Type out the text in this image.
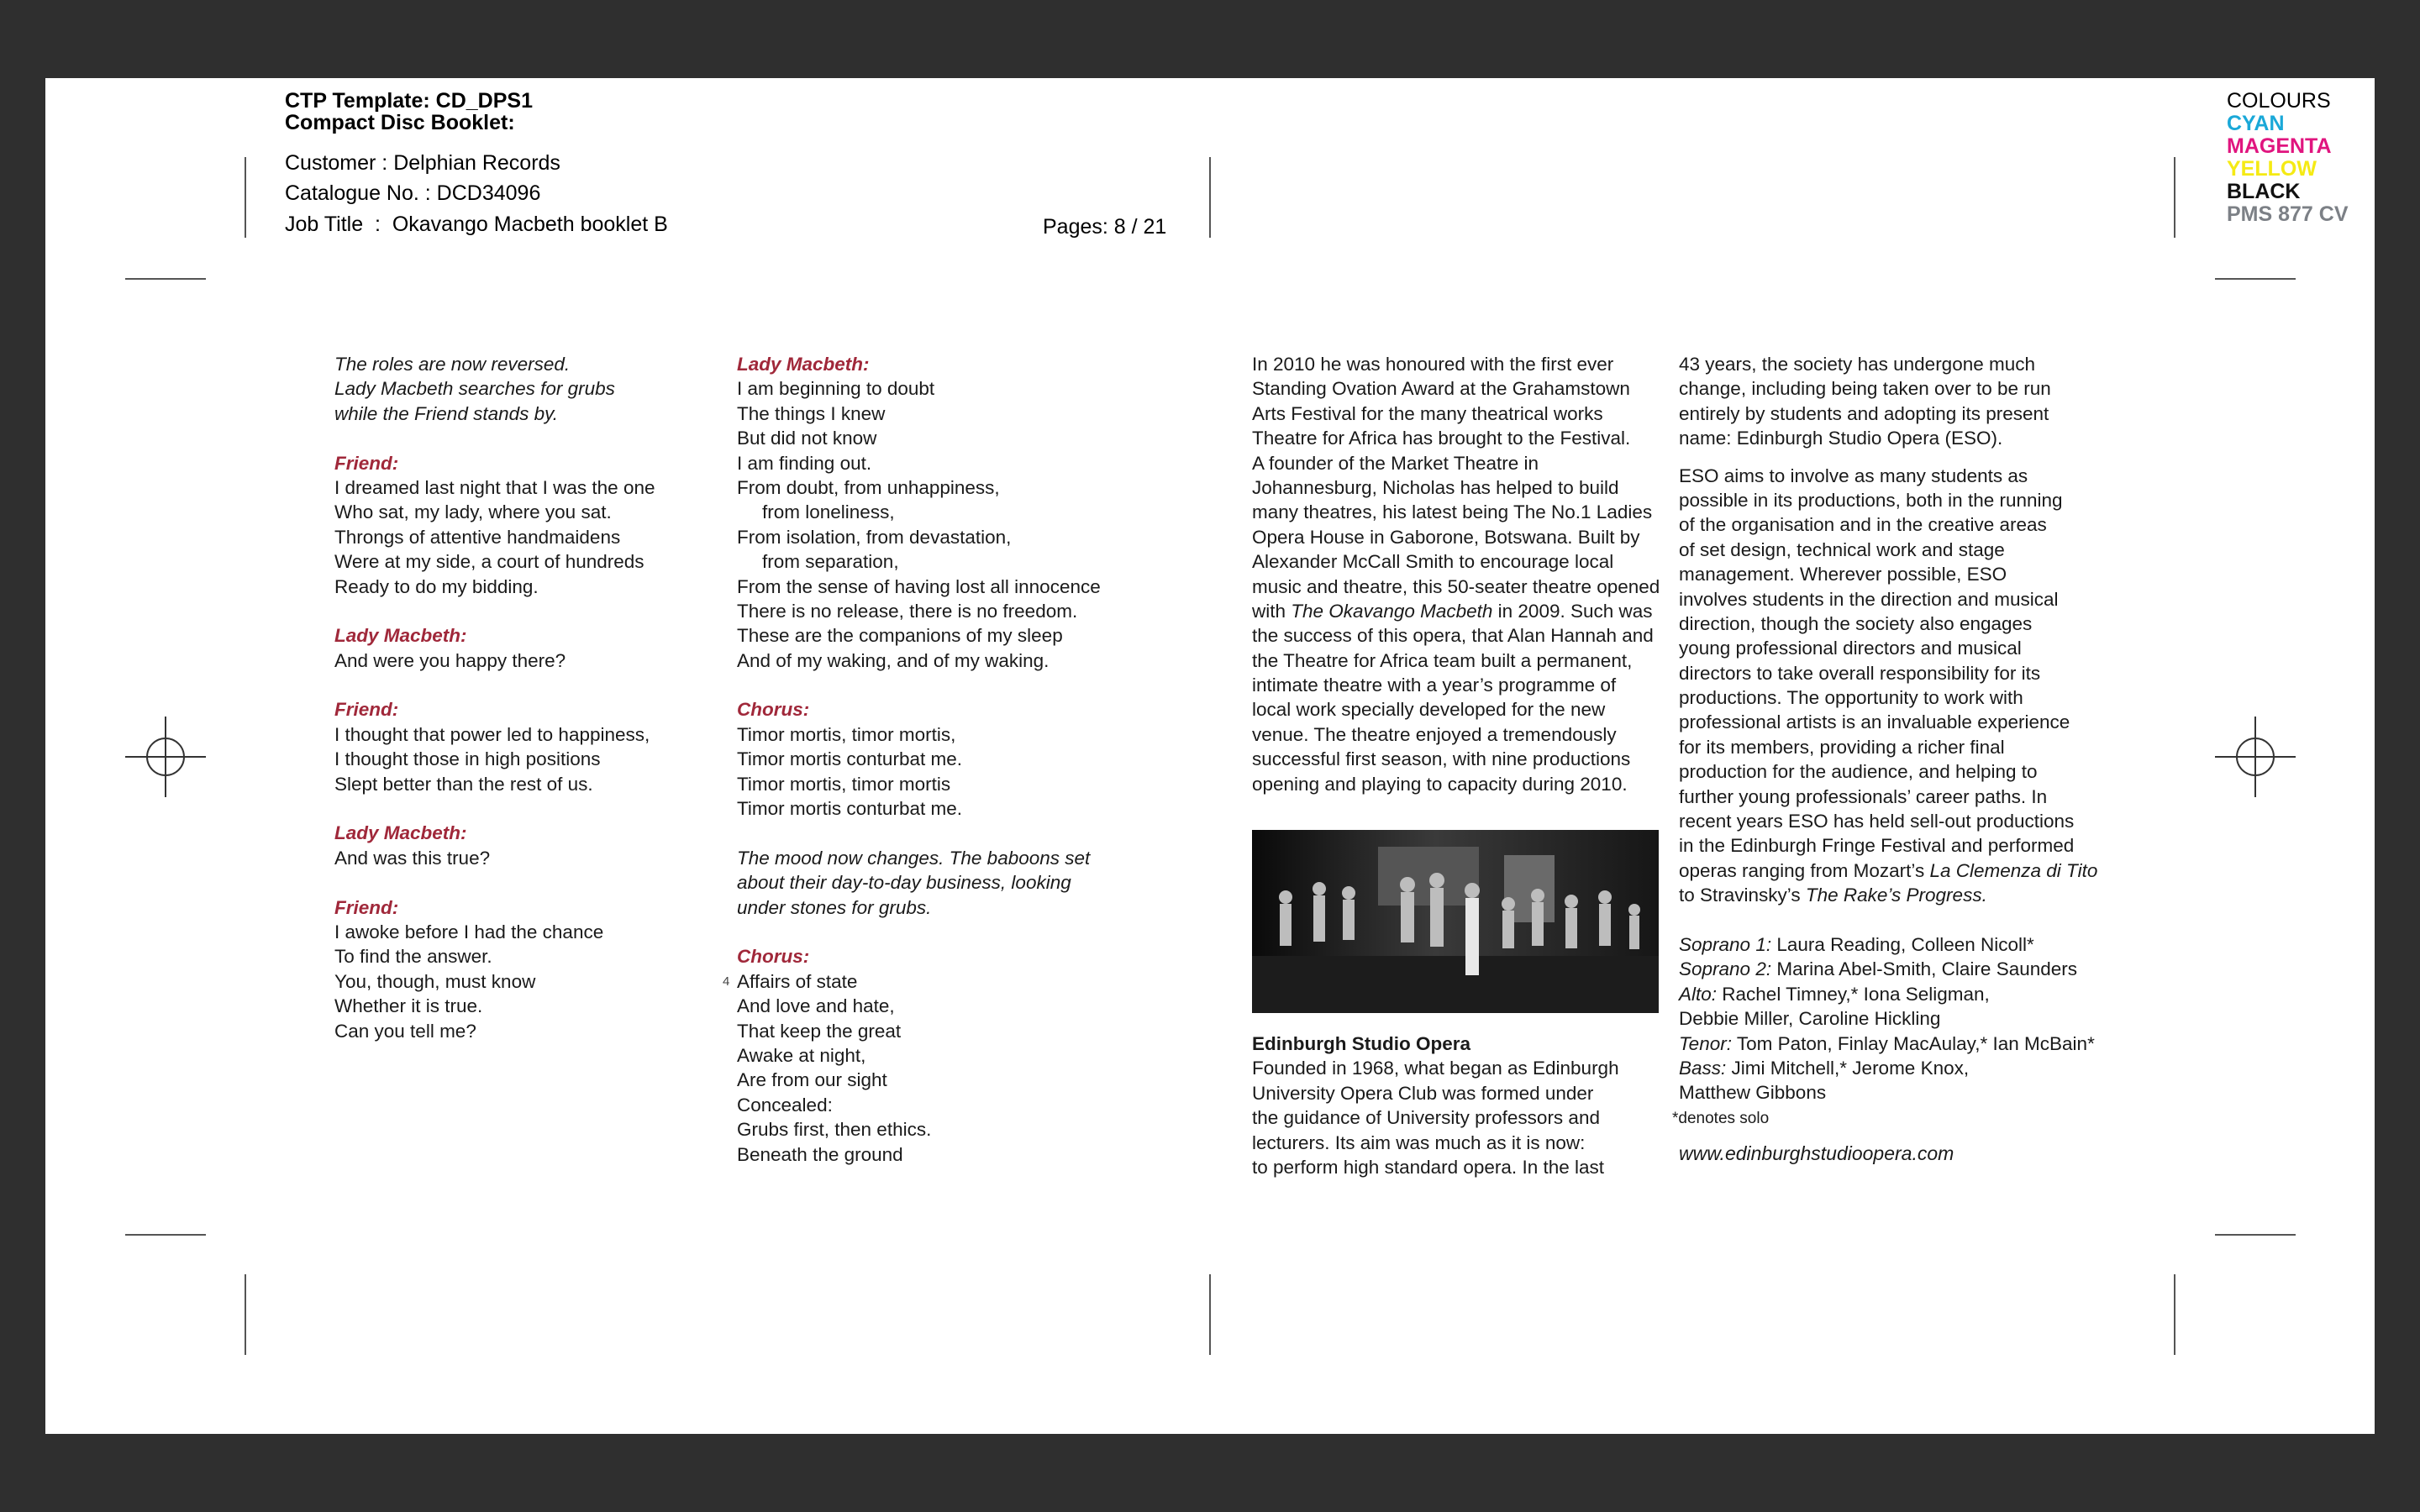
CTP Template: CD_DPS1
Compact Disc Booklet:
Customer : Delphian Records
Catalogue No. : DCD34096
Job Title  :  Okavango Macbeth booklet B	Pages: 8 / 21
COLOURS
CYAN
MAGENTA
YELLOW
BLACK
PMS 877 CV
The roles are now reversed.
Lady Macbeth searches for grubs
while the Friend stands by.
Friend:
I dreamed last night that I was the one
Who sat, my lady, where you sat.
Throngs of attentive handmaidens
Were at my side, a court of hundreds
Ready to do my bidding.
Lady Macbeth:
And were you happy there?
Friend:
I thought that power led to happiness,
I thought those in high positions
Slept better than the rest of us.
Lady Macbeth:
And was this true?
Friend:
I awoke before I had the chance
To find the answer.
You, though, must know
Whether it is true.
Can you tell me?
Lady Macbeth:
I am beginning to doubt
The things I knew
But did not know
I am finding out.
From doubt, from unhappiness,
from loneliness,
From isolation, from devastation,
from separation,
From the sense of having lost all innocence
There is no release, there is no freedom.
These are the companions of my sleep
And of my waking, and of my waking.
Chorus:
Timor mortis, timor mortis,
Timor mortis conturbat me.
Timor mortis, timor mortis
Timor mortis conturbat me.
The mood now changes. The baboons set
about their day-to-day business, looking
under stones for grubs.
Chorus:
Affairs of state
And love and hate,
That keep the great
Awake at night,
Are from our sight
Concealed:
Grubs first, then ethics.
Beneath the ground
4
In 2010 he was honoured with the first ever
Standing Ovation Award at the Grahamstown
Arts Festival for the many theatrical works
Theatre for Africa has brought to the Festival.
A founder of the Market Theatre in
Johannesburg, Nicholas has helped to build
many theatres, his latest being The No.1 Ladies
Opera House in Gaborone, Botswana. Built by
Alexander McCall Smith to encourage local
music and theatre, this 50-seater theatre opened
with The Okavango Macbeth in 2009. Such was
the success of this opera, that Alan Hannah and
the Theatre for Africa team built a permanent,
intimate theatre with a year’s programme of
local work specially developed for the new
venue. The theatre enjoyed a tremendously
successful first season, with nine productions
opening and playing to capacity during 2010.
Edinburgh Studio Opera
Founded in 1968, what began as Edinburgh
University Opera Club was formed under
the guidance of University professors and
lecturers. Its aim was much as it is now:
to perform high standard opera. In the last
43 years, the society has undergone much
change, including being taken over to be run
entirely by students and adopting its present
name: Edinburgh Studio Opera (ESO).
ESO aims to involve as many students as
possible in its productions, both in the running
of the organisation and in the creative areas
of set design, technical work and stage
management. Wherever possible, ESO
involves students in the direction and musical
direction, though the society also engages
young professional directors and musical
directors to take overall responsibility for its
productions. The opportunity to work with
professional artists is an invaluable experience
for its members, providing a richer final
production for the audience, and helping to
further young professionals’ career paths. In
recent years ESO has held sell-out productions
in the Edinburgh Fringe Festival and performed
operas ranging from Mozart’s La Clemenza di Tito
to Stravinsky’s The Rake’s Progress.
Soprano 1: Laura Reading, Colleen Nicoll*
Soprano 2: Marina Abel-Smith, Claire Saunders
Alto: Rachel Timney,* Iona Seligman,
Debbie Miller, Caroline Hickling
Tenor: Tom Paton, Finlay MacAulay,* Ian McBain*
Bass: Jimi Mitchell,* Jerome Knox,
Matthew Gibbons
*denotes solo
www.edinburghstudioopera.com
